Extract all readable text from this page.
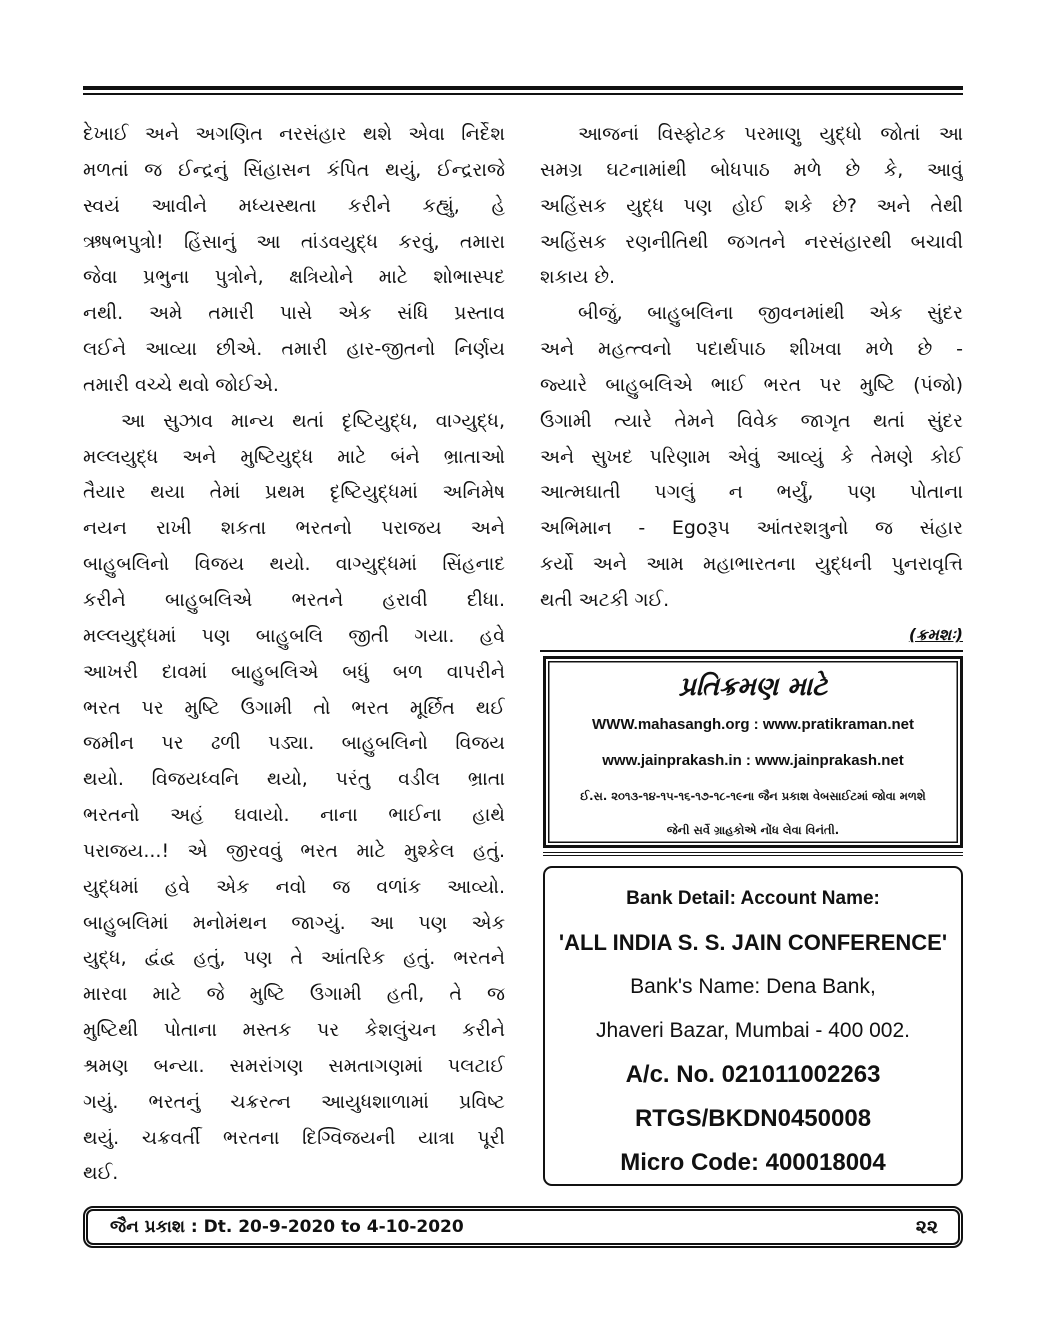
દેખાઈ અને અગણિત નરસંહાર થશે એવા નિર્દેશ
મળતાં જ ઈન્દ્રનું સિંહાસન કંપિત થયું, ઈન્દ્રરાજે
સ્વયં આવીને મધ્યસ્થતા કરીને કહ્યું, હે
ઋષભપુત્રો! હિંસાનું આ તાંડવયુદ્ધ કરવું, તમારા
જેવા પ્રભુના પુત્રોને, ક્ષત્રિયોને માટે શોભાસ્પદ
નથી. અમે તમારી પાસે એક સંધિ પ્રસ્તાવ
લઈને આવ્યા છીએ. તમારી હાર-જીતનો નિર્ણય
તમારી વચ્ચે થવો જોઈએ.
આ સુઝાવ માન્ય થતાં દૃષ્ટિયુદ્ધ, વાગ્યુદ્ધ,
મલ્લયુદ્ધ અને મુષ્ટિયુદ્ધ માટે બંને ભ્રાતાઓ
તૈયાર થયા તેમાં પ્રથમ દૃષ્ટિયુદ્ધમાં અનિમેષ
નયન રાખી શકતા ભરતનો પરાજય અને
બાહુબલિનો વિજય થયો. વાગ્યુદ્ધમાં સિંહનાદ
કરીને બાહુબલિએ ભરતને હરાવી દીધા.
મલ્લયુદ્ધમાં પણ બાહુબલિ જીતી ગયા. હવે
આખરી દાવમાં બાહુબલિએ બધું બળ વાપરીને
ભરત પર મુષ્ટિ ઉગામી તો ભરત મૂર્છિત થઈ
જમીન પર ઢળી પડ્યા. બાહુબલિનો વિજય
થયો. વિજયધ્વનિ થયો, પરંતુ વડીલ ભ્રાતા
ભરતનો અહં ઘવાયો. નાના ભાઈના હાથે
પરાજય...! એ જીરવવું ભરત માટે મુશ્કેલ હતું.
યુદ્ધમાં હવે એક નવો જ વળાંક આવ્યો.
બાહુબલિમાં મનોમંથન જાગ્યું. આ પણ એક
યુદ્ધ, દ્વંદ્વ હતું, પણ તે આંતરિક હતું. ભરતને
મારવા માટે જે મુષ્ટિ ઉગામી હતી, તે જ
મુષ્ટિથી પોતાના મસ્તક પર કેશલુંચન કરીને
શ્રમણ બન્યા. સમરાંગણ સમતાગણમાં પલટાઈ
ગયું. ભરતનું ચક્રરત્ન આયુધશાળામાં પ્રવિષ્ટ
થયું. ચક્રવર્તી ભરતના દિગ્વિજયની યાત્રા પૂરી
થઈ.
આજનાં વિસ્ફોટક પરમાણુ યુદ્ધો જોતાં આ
સમગ્ર ઘટનામાંથી બોધપાઠ મળે છે કે, આવું
અહિંસક યુદ્ધ પણ હોઈ શકે છે? અને તેથી
અહિંસક રણનીતિથી જગતને નરસંહારથી બચાવી
શકાય છે.
બીજું, બાહુબલિના જીવનમાંથી એક સુંદર
અને મહત્ત્વનો પદાર્થપાઠ શીખવા મળે છે -
જ્યારે બાહુબલિએ ભાઈ ભરત પર મુષ્ટિ (પંજો)
ઉગામી ત્યારે તેમને વિવેક જાગૃત થતાં સુંદર
અને સુખદ પરિણામ એવું આવ્યું કે તેમણે કોઈ
આત્મઘાતી પગલું ન ભર્યું, પણ પોતાના
અભિમાન - Egoરૂપ આંતરશત્રુનો જ સંહાર
કર્યો અને આમ મહાભારતના યુદ્ધની પુનરાવૃત્તિ
થતી અટકી ગઈ.
(ક્રમશઃ)
પ્રતિક્રમણ માટે
WWW.mahasangh.org : www.pratikraman.net
www.jainprakash.in : www.jainprakash.net
ઈ.સ. ૨૦૧૩-૧૪-૧૫-૧૬-૧૭-૧૮-૧૯ના જૈન પ્રકાશ વેબસાઈટમાં જોવા મળશે
જેની સર્વે ગ્રાહકોએ નોંધ લેવા વિનંતી.
Bank Detail: Account Name:
'ALL INDIA S. S. JAIN CONFERENCE'
Bank's Name: Dena Bank,
Jhaveri Bazar, Mumbai - 400 002.
A/c. No. 021011002263
RTGS/BKDN0450008
Micro Code: 400018004
જૈન પ્રકાશ : Dt. 20-9-2020 to 4-10-2020	૨૨
